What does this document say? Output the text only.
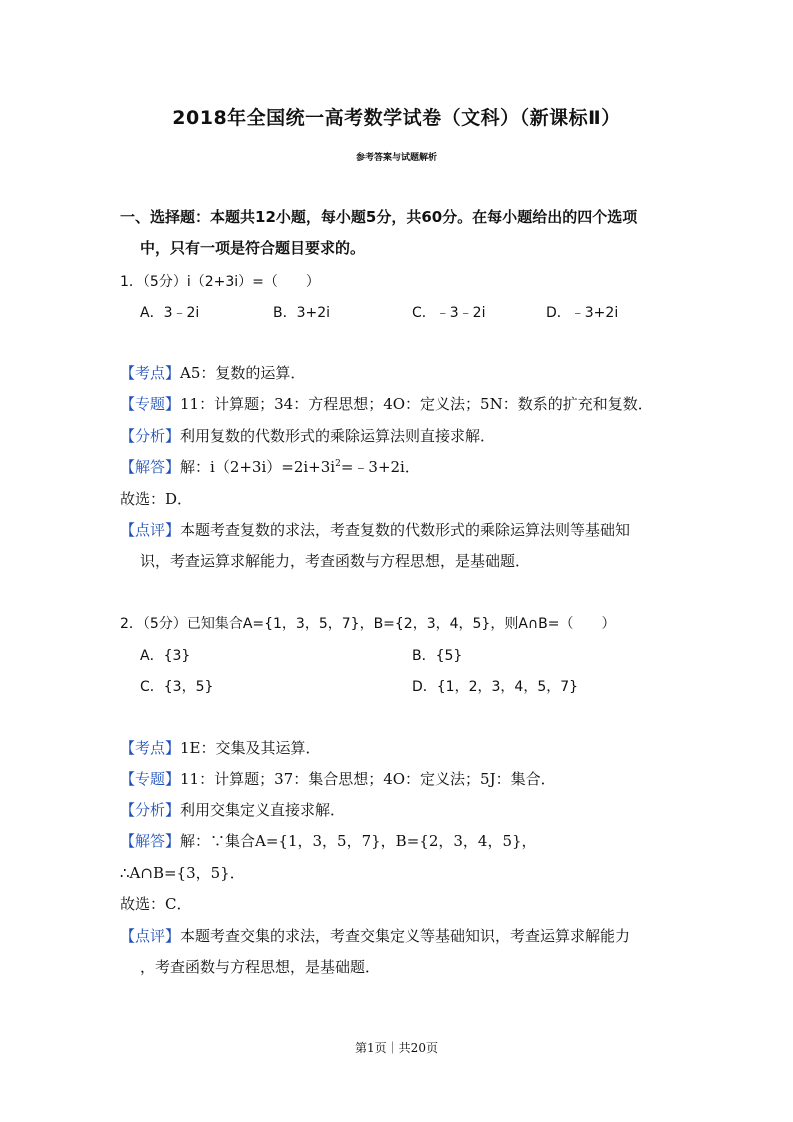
2018年全国统一高考数学试卷（文科）（新课标Ⅱ）
参考答案与试题解析
一、选择题：本题共12小题，每小题5分，共60分。在每小题给出的四个选项
中，只有一项是符合题目要求的。
1．（5分）i（2+3i）=（　　）
A．3﹣2i	B．3+2i	C．﹣3﹣2i	D．﹣3+2i
【考点】A5：复数的运算．
【专题】11：计算题；34：方程思想；4O：定义法；5N：数系的扩充和复数．
【分析】利用复数的代数形式的乘除运算法则直接求解．
【解答】解：$i(2+3i)=2i+3i^2=﹣3+2i$．
故选：D．
【点评】本题考查复数的求法，考查复数的代数形式的乘除运算法则等基础知
识，考查运算求解能力，考查函数与方程思想，是基础题．
2．（5分）已知集合A={1，3，5，7}，B={2，3，4，5}，则A∩B=（　　）
A．{3}	B．{5}
C．{3，5}	D．{1，2，3，4，5，7}
【考点】1E：交集及其运算．
【专题】11：计算题；37：集合思想；4O：定义法；5J：集合．
【分析】利用交集定义直接求解．
【解答】解：∵集合A={1，3，5，7}，B={2，3，4，5}，
∴A∩B={3，5}．
故选：C．
【点评】本题考查交集的求法，考查交集定义等基础知识，考查运算求解能力
，考查函数与方程思想，是基础题．
第1页｜共20页
